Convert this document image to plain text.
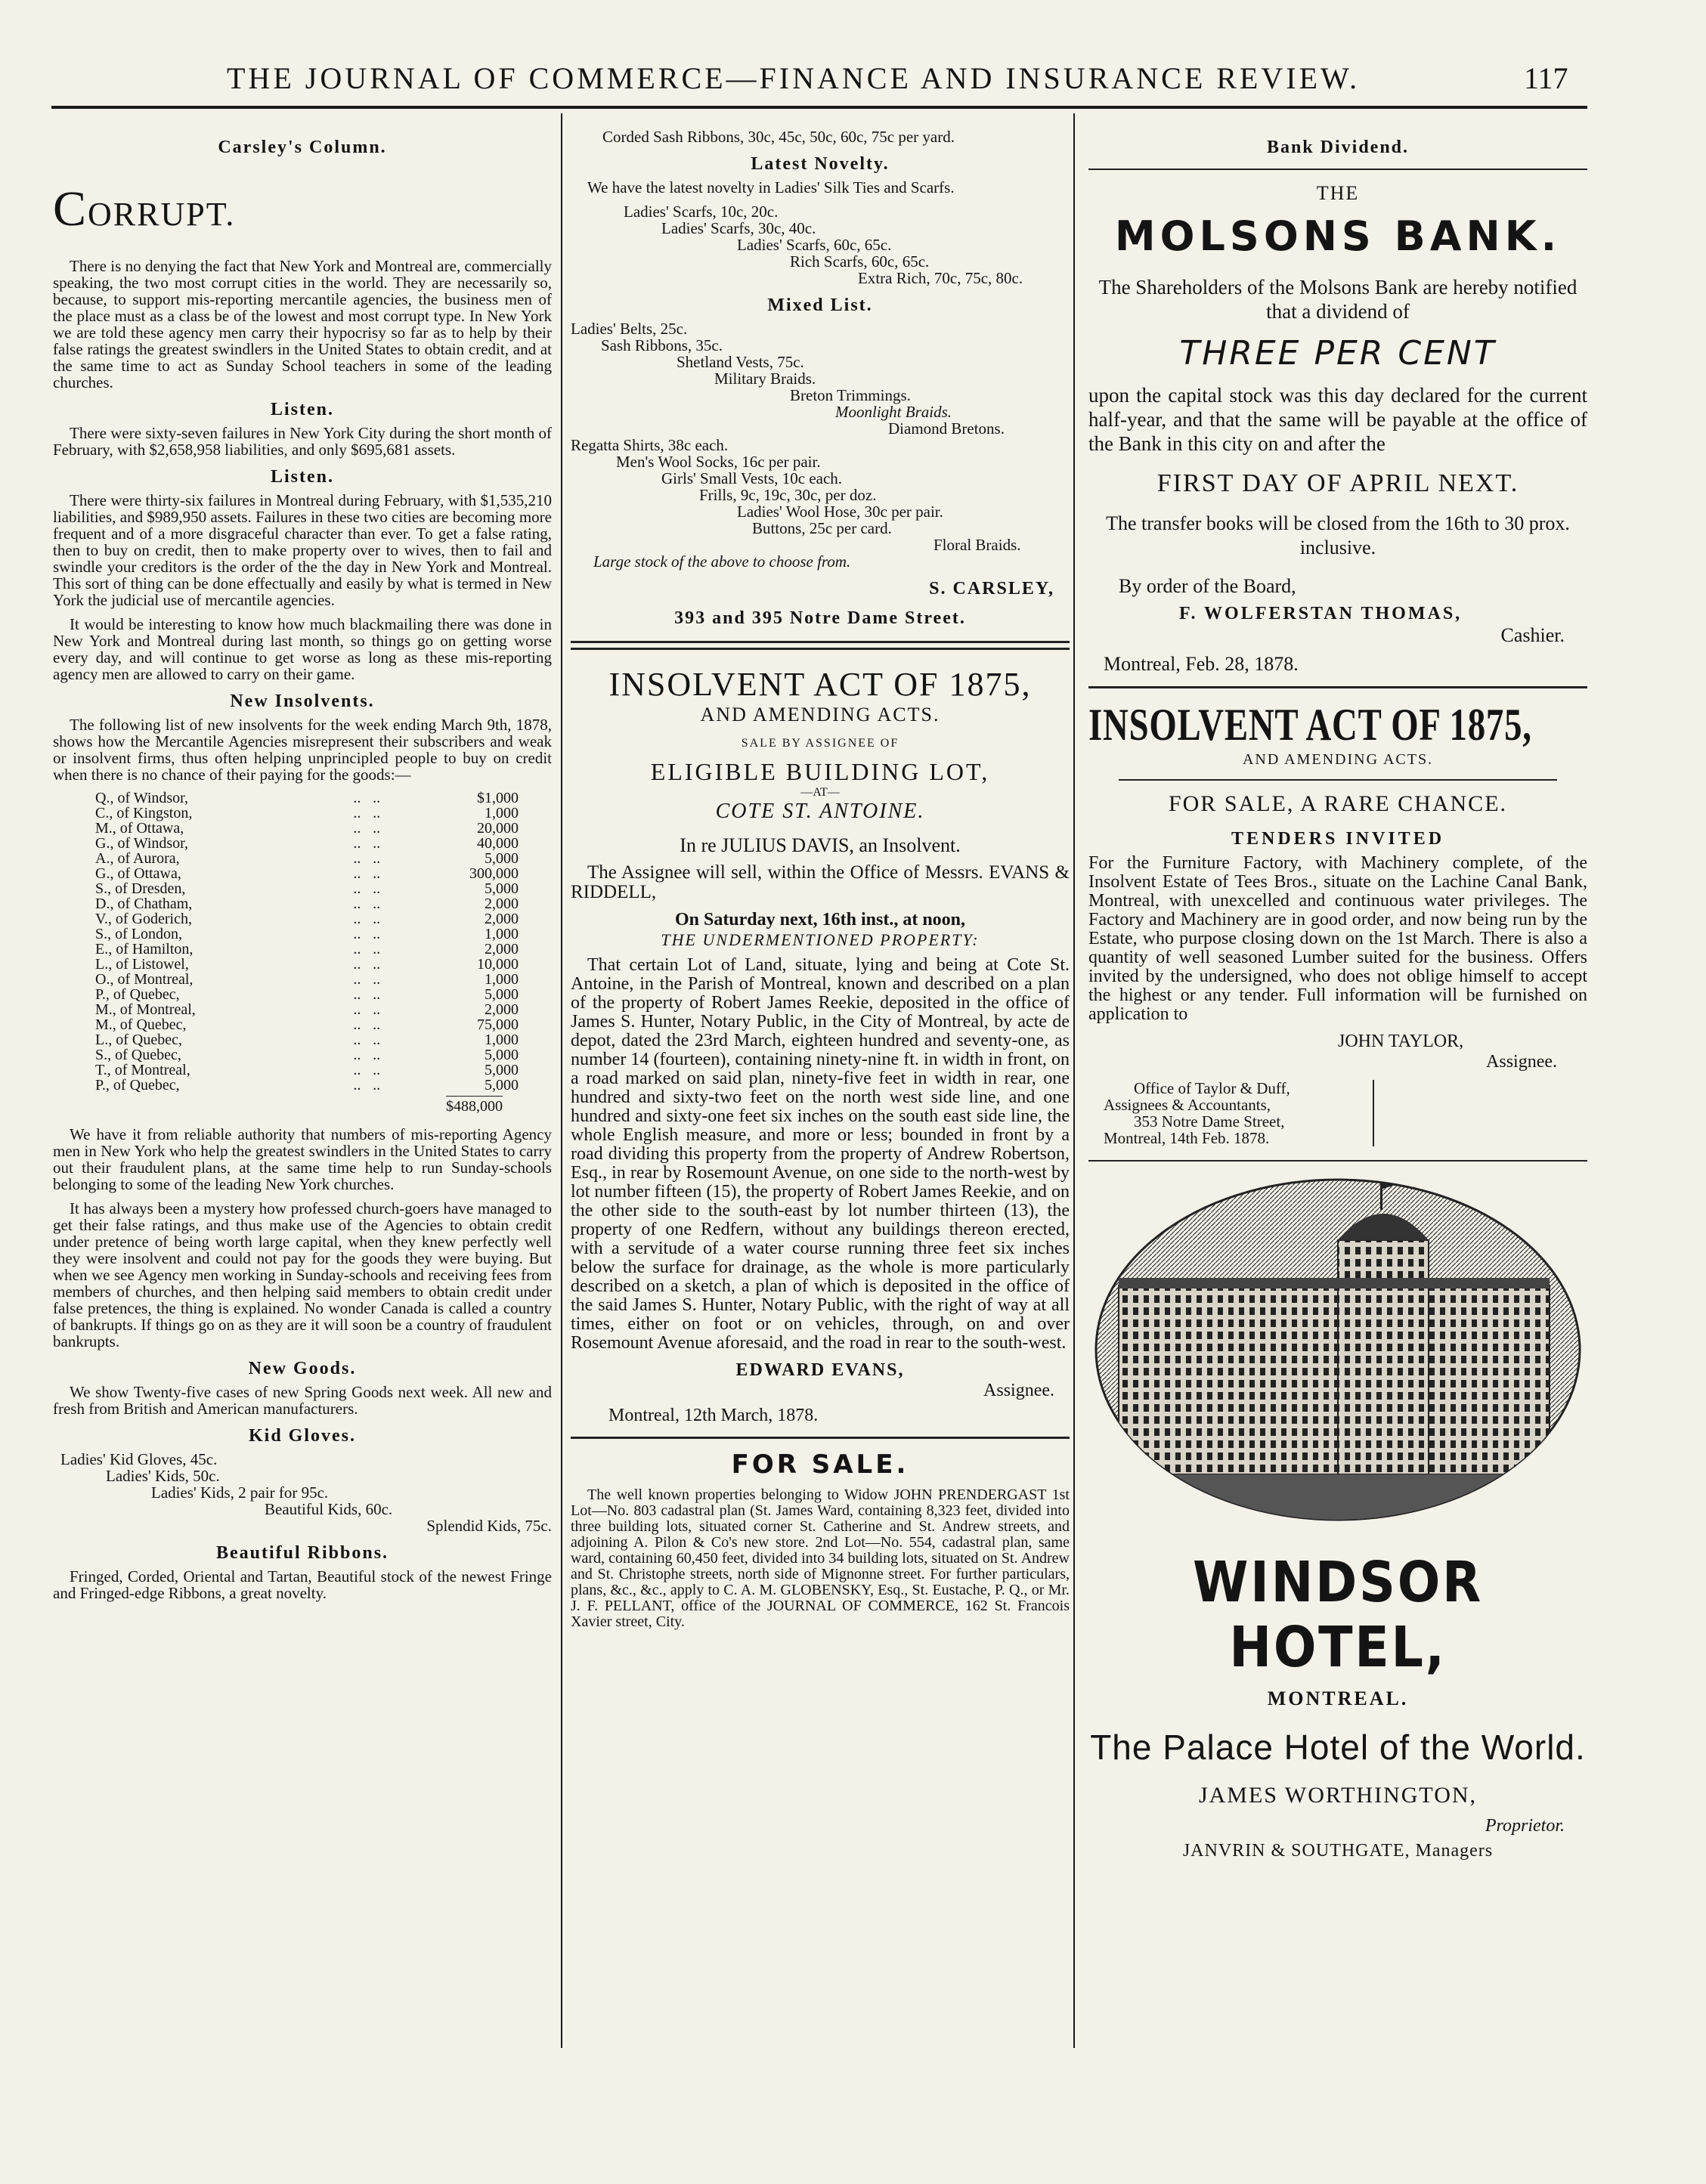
THE JOURNAL OF COMMERCE—FINANCE AND INSURANCE REVIEW.	117
Carsley's Column.
CORRUPT.

There is no denying the fact that New York and Montreal are, commercially speaking, the two most corrupt cities in the world. They are necessarily so, because, to support mis-reporting mercantile agencies, the business men of the place must as a class be of the lowest and most corrupt type. In New York we are told these agency men carry their hypocrisy so far as to help by their false ratings the greatest swindlers in the United States to obtain credit, and at the same time to act as Sunday School teachers in some of the leading churches.

Listen.

There were sixty-seven failures in New York City during the short month of February, with $2,658,958 liabilities, and only $695,681 assets.

Listen.

There were thirty-six failures in Montreal during February, with $1,535,210 liabilities, and $989,950 assets. Failures in these two cities are becoming more frequent and of a more disgraceful character than ever. To get a false rating, then to buy on credit, then to make property over to wives, then to fail and swindle your creditors is the order of the the day in New York and Montreal. This sort of thing can be done effectually and easily by what is termed in New York the judicial use of mercantile agencies.

It would be interesting to know how much blackmailing there was done in New York and Montreal during last month, so things go on getting worse every day, and will continue to get worse as long as these mis-reporting agency men are allowed to carry on their game.

New Insolvents.

The following list of new insolvents for the week ending March 9th, 1878, shows how the Mercantile Agencies misrepresent their subscribers and weak or insolvent firms, thus often helping unprincipled people to buy on credit when there is no chance of their paying for the goods:—

Q., of Windsor,	..	..	$1,000
C., of Kingston,	..	..	1,000
M., of Ottawa,	..	..	20,000
G., of Windsor,	..	..	40,000
A., of Aurora,	..	..	5,000
G., of Ottawa,	..	..	300,000
S., of Dresden,	..	..	5,000
D., of Chatham,	..	..	2,000
V., of Goderich,	..	..	2,000
S., of London,	..	..	1,000
E., of Hamilton,	..	..	2,000
L., of Listowel,	..	..	10,000
O., of Montreal,	..	..	1,000
P., of Quebec,	..	..	5,000
M., of Montreal,	..	..	2,000
M., of Quebec,	..	..	75,000
L., of Quebec,	..	..	1,000
S., of Quebec,	..	..	5,000
T., of Montreal,	..	..	5,000
P., of Quebec,	..	..	5,000
$488,000

We have it from reliable authority that numbers of mis-reporting Agency men in New York who help the greatest swindlers in the United States to carry out their fraudulent plans, at the same time help to run Sunday-schools belonging to some of the leading New York churches.

It has always been a mystery how professed church-goers have managed to get their false ratings, and thus make use of the Agencies to obtain credit under pretence of being worth large capital, when they knew perfectly well they were insolvent and could not pay for the goods they were buying. But when we see Agency men working in Sunday-schools and receiving fees from members of churches, and then helping said members to obtain credit under false pretences, the thing is explained. No wonder Canada is called a country of bankrupts. If things go on as they are it will soon be a country of fraudulent bankrupts.

New Goods.

We show Twenty-five cases of new Spring Goods next week. All new and fresh from British and American manufacturers.

Kid Gloves.
Ladies' Kid Gloves, 45c.
Ladies' Kids, 50c.
Ladies' Kids, 2 pair for 95c.
Beautiful Kids, 60c.
Splendid Kids, 75c.
Beautiful Ribbons.

Fringed, Corded, Oriental and Tartan, Beautiful stock of the newest Fringe and Fringed-edge Ribbons, a great novelty.

Corded Sash Ribbons, 30c, 45c, 50c, 60c, 75c per yard.

Latest Novelty.

We have the latest novelty in Ladies' Silk Ties and Scarfs.

Ladies' Scarfs, 10c, 20c.
Ladies' Scarfs, 30c, 40c.
Ladies' Scarfs, 60c, 65c.
Rich Scarfs, 60c, 65c.
Extra Rich, 70c, 75c, 80c.
Mixed List.
Ladies' Belts, 25c.
Sash Ribbons, 35c.
Shetland Vests, 75c.
Military Braids.
Breton Trimmings.
Moonlight Braids.
Diamond Bretons.
Regatta Shirts, 38c each.
Men's Wool Socks, 16c per pair.
Girls' Small Vests, 10c each.
Frills, 9c, 19c, 30c, per doz.
Ladies' Wool Hose, 30c per pair.
Buttons, 25c per card.
Floral Braids.
Large stock of the above to choose from.
S. CARSLEY,
393 and 395 Notre Dame Street.
INSOLVENT ACT OF 1875,
AND AMENDING ACTS.
SALE BY ASSIGNEE OF
ELIGIBLE BUILDING LOT,
—AT—
COTE ST. ANTOINE.
In re JULIUS DAVIS, an Insolvent.

The Assignee will sell, within the Office of Messrs. EVANS & RIDDELL,

On Saturday next, 16th inst., at noon,
THE UNDERMENTIONED PROPERTY:

That certain Lot of Land, situate, lying and being at Cote St. Antoine, in the Parish of Montreal, known and described on a plan of the property of Robert James Reekie, deposited in the office of James S. Hunter, Notary Public, in the City of Montreal, by acte de depot, dated the 23rd March, eighteen hundred and seventy-one, as number 14 (fourteen), containing ninety-nine ft. in width in front, on a road marked on said plan, ninety-five feet in width in rear, one hundred and sixty-two feet on the north west side line, and one hundred and sixty-one feet six inches on the south east side line, the whole English measure, and more or less; bounded in front by a road dividing this property from the property of Andrew Robertson, Esq., in rear by Rosemount Avenue, on one side to the north-west by lot number fifteen (15), the property of Robert James Reekie, and on the other side to the south-east by lot number thirteen (13), the property of one Redfern, without any buildings thereon erected, with a servitude of a water course running three feet six inches below the surface for drainage, as the whole is more particularly described on a sketch, a plan of which is deposited in the office of the said James S. Hunter, Notary Public, with the right of way at all times, either on foot or on vehicles, through, on and over Rosemount Avenue aforesaid, and the road in rear to the south-west.

EDWARD EVANS,
Assignee.
Montreal, 12th March, 1878.
FOR SALE.

The well known properties belonging to Widow JOHN PRENDERGAST 1st Lot—No. 803 cadastral plan (St. James Ward, containing 8,323 feet, divided into three building lots, situated corner St. Catherine and St. Andrew streets, and adjoining A. Pilon & Co's new store. 2nd Lot—No. 554, cadastral plan, same ward, containing 60,450 feet, divided into 34 building lots, situated on St. Andrew and St. Christophe streets, north side of Mignonne street. For further particulars, plans, &c., &c., apply to C. A. M. GLOBENSKY, Esq., St. Eustache, P. Q., or Mr. J. F. PELLANT, office of the JOURNAL OF COMMERCE, 162 St. Francois Xavier street, City.

Bank Dividend.
THE
MOLSONS BANK.

The Shareholders of the Molsons Bank are hereby notified that a dividend of

THREE PER CENT

upon the capital stock was this day declared for the current half-year, and that the same will be payable at the office of the Bank in this city on and after the

FIRST DAY OF APRIL NEXT.

The transfer books will be closed from the 16th to 30 prox. inclusive.

By order of the Board,
F. WOLFERSTAN THOMAS,
Cashier.
Montreal, Feb. 28, 1878.
INSOLVENT ACT OF 1875,
AND AMENDING ACTS.
FOR SALE, A RARE CHANCE.
TENDERS INVITED

For the Furniture Factory, with Machinery complete, of the Insolvent Estate of Tees Bros., situate on the Lachine Canal Bank, Montreal, with unexcelled and continuous water privileges. The Factory and Machinery are in good order, and now being run by the Estate, who purpose closing down on the 1st March. There is also a quantity of well seasoned Lumber suited for the business. Offers invited by the undersigned, who does not oblige himself to accept the highest or any tender. Full information will be furnished on application to

JOHN TAYLOR,
Assignee.
Office of Taylor & Duff,
Assignees & Accountants,
353 Notre Dame Street,
Montreal, 14th Feb. 1878.
WINDSOR HOTEL,
MONTREAL.
The Palace Hotel of the World.
JAMES WORTHINGTON,
Proprietor.
JANVRIN & SOUTHGATE, Managers
